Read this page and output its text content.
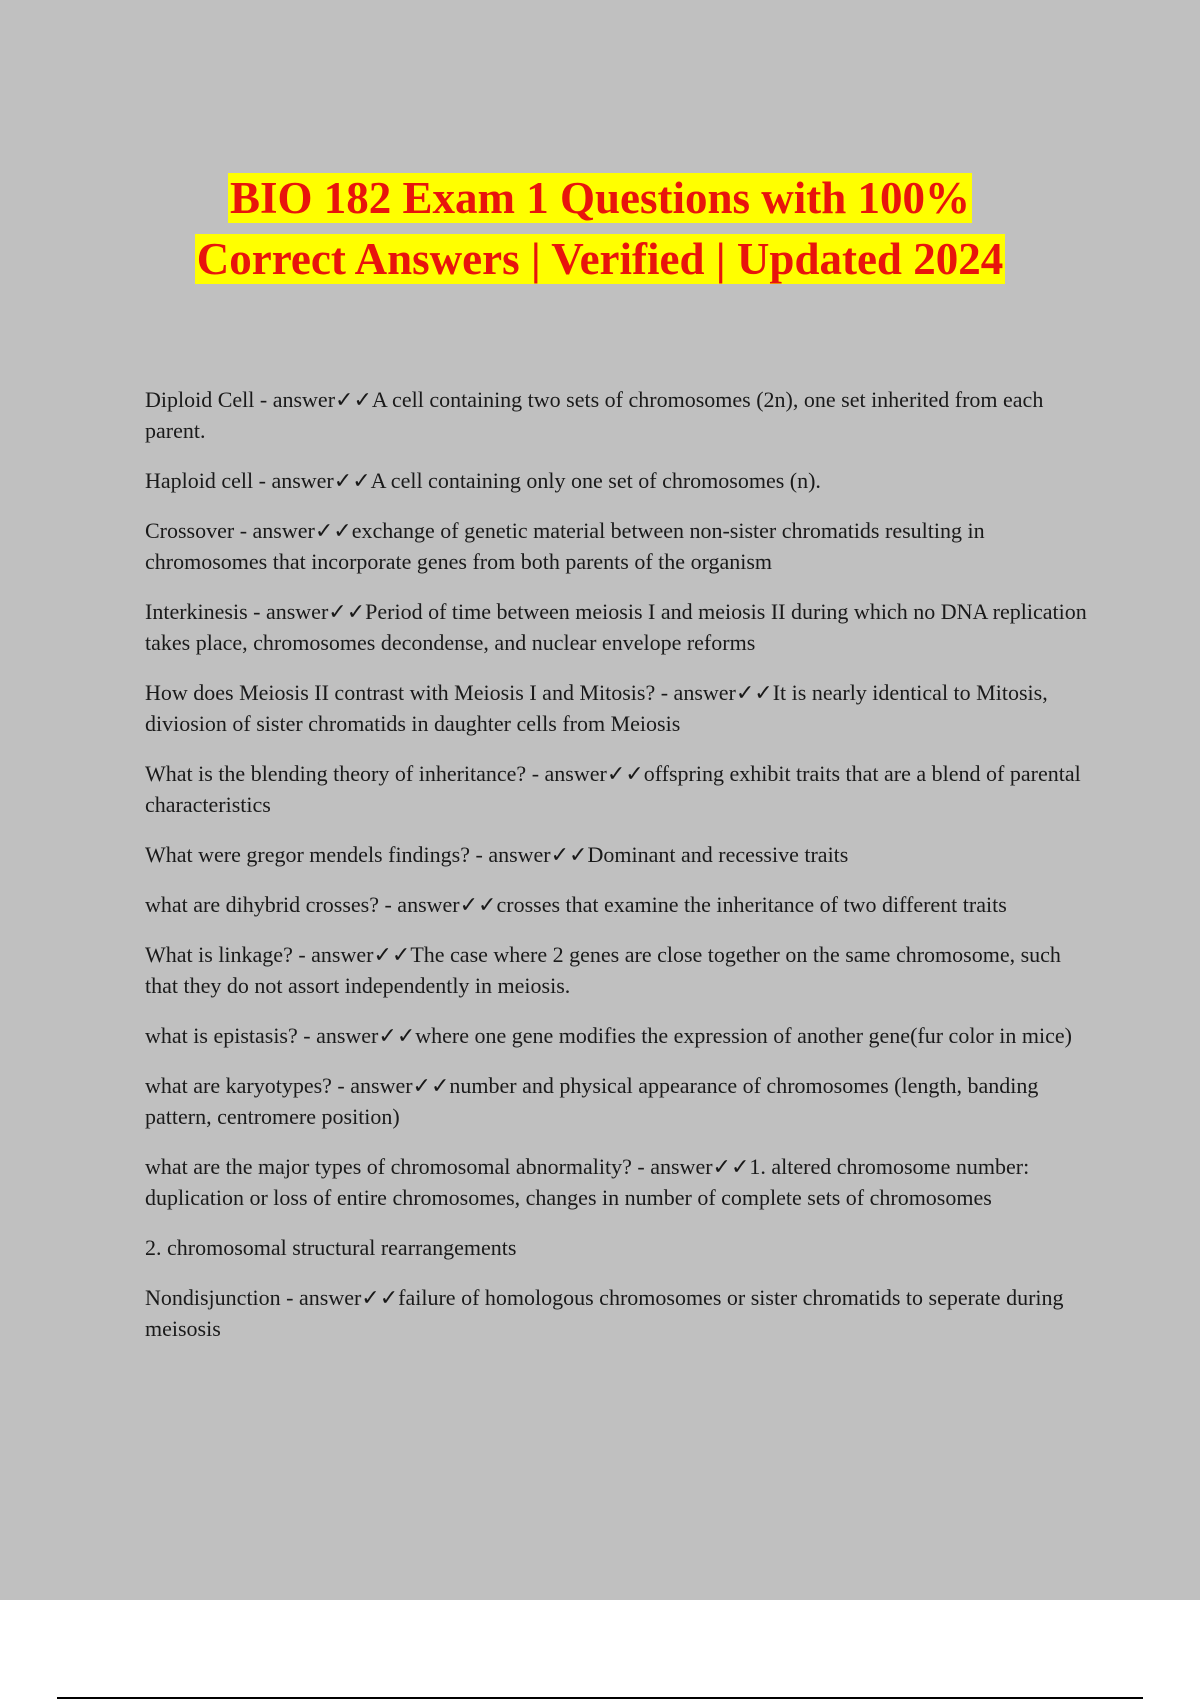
BIO 182 Exam 1 Questions with 100%
Correct Answers | Verified | Updated 2024

Diploid Cell - answer✓✓A cell containing two sets of chromosomes (2n), one set inherited from each parent.

Haploid cell - answer✓✓A cell containing only one set of chromosomes (n).

Crossover - answer✓✓exchange of genetic material between non-sister chromatids resulting in chromosomes that incorporate genes from both parents of the organism

Interkinesis - answer✓✓Period of time between meiosis I and meiosis II during which no DNA replication takes place, chromosomes decondense, and nuclear envelope reforms

How does Meiosis II contrast with Meiosis I and Mitosis? - answer✓✓It is nearly identical to Mitosis, diviosion of sister chromatids in daughter cells from Meiosis

What is the blending theory of inheritance? - answer✓✓offspring exhibit traits that are a blend of parental characteristics

What were gregor mendels findings? - answer✓✓Dominant and recessive traits

what are dihybrid crosses? - answer✓✓crosses that examine the inheritance of two different traits

What is linkage? - answer✓✓The case where 2 genes are close together on the same chromosome, such that they do not assort independently in meiosis.

what is epistasis? - answer✓✓where one gene modifies the expression of another gene(fur color in mice)

what are karyotypes? - answer✓✓number and physical appearance of chromosomes (length, banding pattern, centromere position)

what are the major types of chromosomal abnormality? - answer✓✓1. altered chromosome number: duplication or loss of entire chromosomes, changes in number of complete sets of chromosomes

2. chromosomal structural rearrangements

Nondisjunction - answer✓✓failure of homologous chromosomes or sister chromatids to seperate during meisosis
